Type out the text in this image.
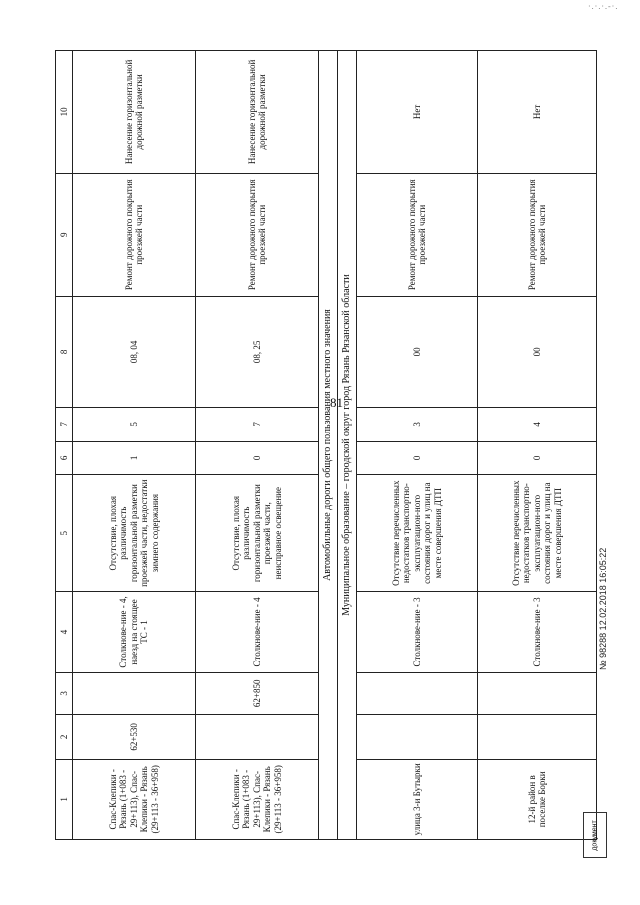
·.·.·.-·.
81
1	2	3	4	5	6	7	8	9	10
Спас-Клепики - Рязань (1+083 - 29+113), Спас-Клепики - Рязань (29+113 - 36+958)	62+530		Столкнове-ние - 4, наезд на стоящее ТС - 1	Отсутствие, плохая различимость горизонтальной разметки проезжей части, недостатки зимнего содержания	1	5	08, 04	Ремонт дорожного покрытия проезжей части	Нанесение горизонтальной дорожной разметки
Спас-Клепики - Рязань (1+083 - 29+113), Спас-Клепики - Рязань (29+113 - 36+958)		62+850	Столкнове-ние - 4	Отсутствие, плохая различимость горизонтальной разметки проезжей части, неисправное освещение	0	7	08, 25	Ремонт дорожного покрытия проезжей части	Нанесение горизонтальной дорожной разметки
Автомобильные дороги общего пользования местного значения									
Муниципальное образование – городской округ город Рязань Рязанской области									
улица 3-и Бутырки			Столкнове-ние - 3	Отсутствие перечисленных недостатков транспортно-эксплуатацион-ного состояния дорог и улиц на месте совершения ДТП	0	3	00	Ремонт дорожного покрытия проезжей части	Нет
12-й район в поселке Борки			Столкнове-ние - 3	Отсутствие перечисленных недостатков транспортно-эксплуатацион-ного состояния дорог и улиц на месте совершения ДТП	0	4	00	Ремонт дорожного покрытия проезжей части	Нет
№ 98288 12.02.2018 16:05:22
документ
